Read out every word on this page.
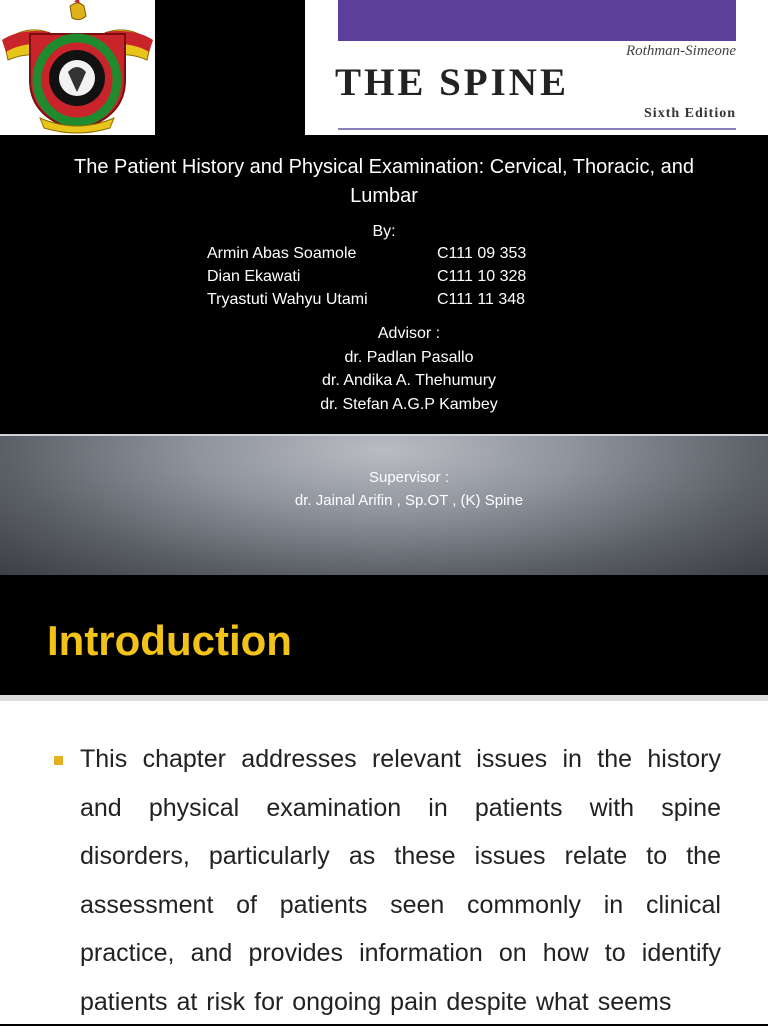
Rothman-Simeone
THE SPINE
Sixth Edition
The Patient History and Physical Examination: Cervical, Thoracic, and Lumbar
By:
Armin Abas Soamole	C111 09 353
Dian Ekawati	C111 10 328
Tryastuti Wahyu Utami	C111 11 348
Advisor :
dr. Padlan Pasallo
dr. Andika A. Thehumury
dr. Stefan A.G.P Kambey
Supervisor :
dr. Jainal Arifin , Sp.OT , (K) Spine
Introduction
This chapter addresses relevant issues in the history and physical examination in patients with spine disorders, particularly as these issues relate to the assessment of patients seen commonly in clinical practice, and provides information on how to identify patients at risk for ongoing pain despite what seems
